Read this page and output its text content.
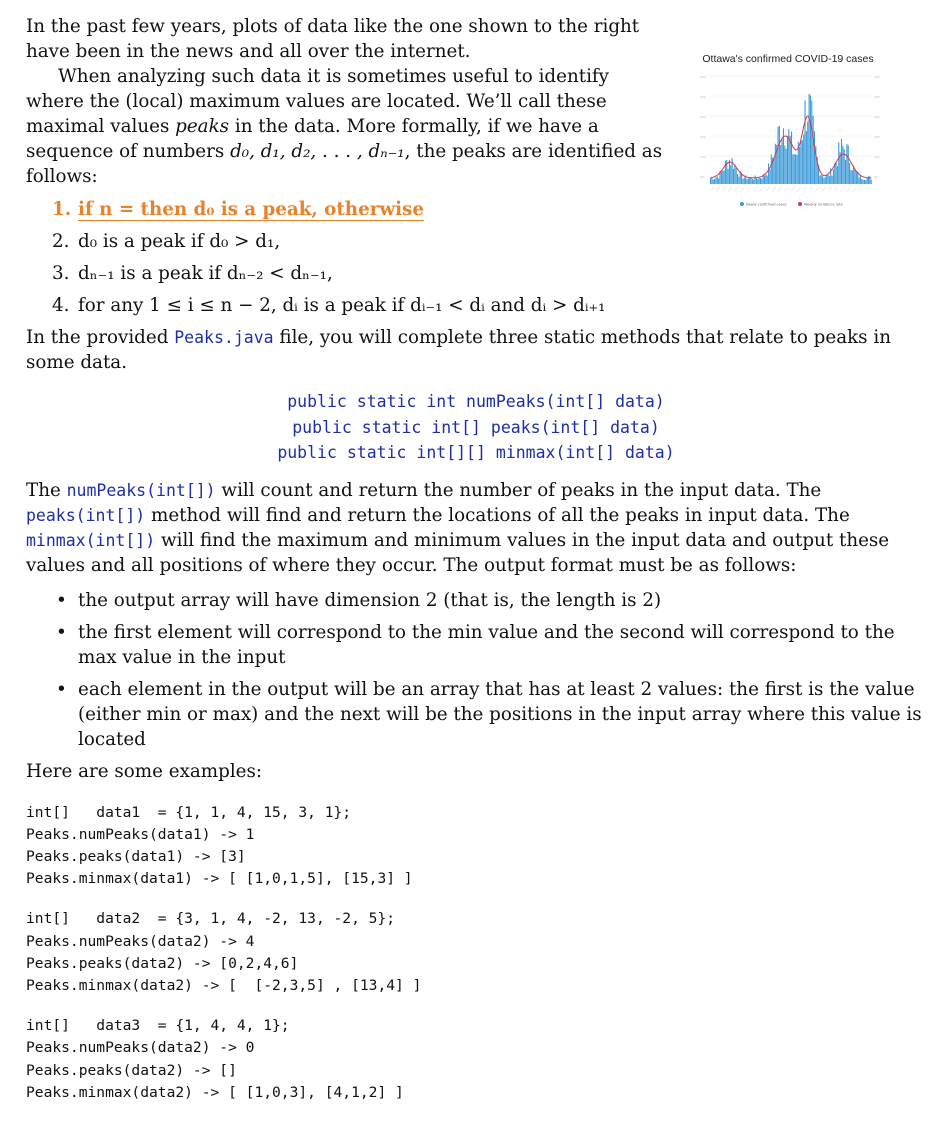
In the past few years, plots of data like the one shown to the right have been in the news and all over the internet.

When analyzing such data it is sometimes useful to identify where the (local) maximum values are located. We’ll call these maximal values peaks in the data. More formally, if we have a sequence of numbers d₀, d₁, d₂, . . . , dₙ₋₁, the peaks are identified as follows:

1. if n = then d₀ is a peak, otherwise
2. d₀ is a peak if d₀ > d₁,
3. dₙ₋₁ is a peak if dₙ₋₂ < dₙ₋₁,
4. for any 1 ≤ i ≤ n − 2, dᵢ is a peak if dᵢ₋₁ < dᵢ and dᵢ > dᵢ₊₁

In the provided Peaks.java file, you will complete three static methods that relate to peaks in some data.

public static int numPeaks(int[] data)
public static int[] peaks(int[] data)
public static int[][] minmax(int[] data)

The numPeaks(int[]) will count and return the number of peaks in the input data. The peaks(int[]) method will find and return the locations of all the peaks in input data. The minmax(int[]) will find the maximum and minimum values in the input data and output these values and all positions of where they occur. The output format must be as follows:

• the output array will have dimension 2 (that is, the length is 2)
• the first element will correspond to the min value and the second will correspond to the max value in the input
• each element in the output will be an array that has at least 2 values: the first is the value (either min or max) and the next will be the positions in the input array where this value is located

Here are some examples:

int[]   data1  = {1, 1, 4, 15, 3, 1};
Peaks.numPeaks(data1) -> 1
Peaks.peaks(data1) -> [3]
Peaks.minmax(data1) -> [ [1,0,1,5], [15,3] ]
int[]   data2  = {3, 1, 4, -2, 13, -2, 5};
Peaks.numPeaks(data2) -> 4
Peaks.peaks(data2) -> [0,2,4,6]
Peaks.minmax(data2) -> [  [-2,3,5] , [13,4] ]
int[]   data3  = {1, 4, 4, 1};
Peaks.numPeaks(data2) -> 0
Peaks.peaks(data2) -> []
Peaks.minmax(data2) -> [ [1,0,3], [4,1,2] ]
Ottawa's confirmed COVID-19 cases
400
300
250
200
150
50
400
300
250
200
150
50
—— —— —— —— —— —— —— —— —— —— —— —— —— —— —— —— —— —— —— —— —— —— —— —— —— ——
Newly confirmed cases	Weekly incidence rate
